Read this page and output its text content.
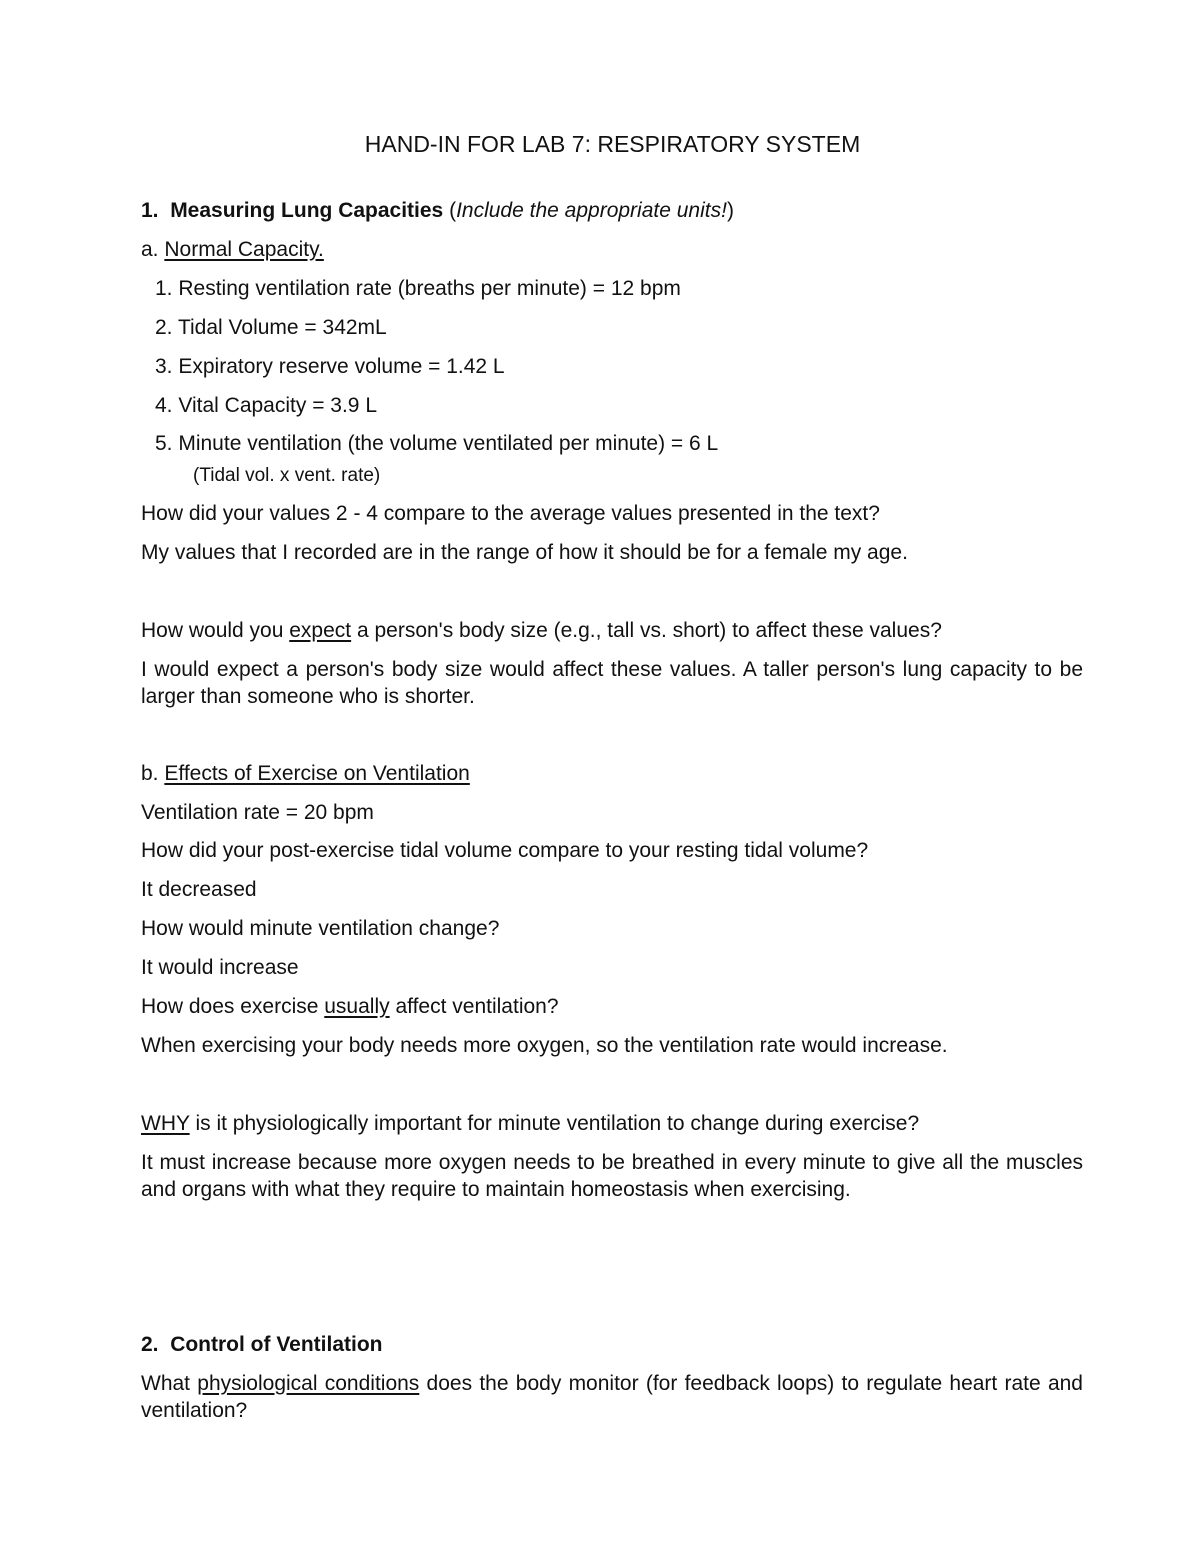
HAND-IN FOR LAB 7: RESPIRATORY SYSTEM

1. Measuring Lung Capacities (Include the appropriate units!)

a. Normal Capacity.

1. Resting ventilation rate (breaths per minute) = 12 bpm

2. Tidal Volume = 342mL

3. Expiratory reserve volume = 1.42 L

4. Vital Capacity = 3.9 L

5. Minute ventilation (the volume ventilated per minute) = 6 L

(Tidal vol. x vent. rate)

How did your values 2 - 4 compare to the average values presented in the text?

My values that I recorded are in the range of how it should be for a female my age.

How would you expect a person's body size (e.g., tall vs. short) to affect these values?

I would expect a person's body size would affect these values. A taller person's lung capacity to be larger than someone who is shorter.

b. Effects of Exercise on Ventilation

Ventilation rate = 20 bpm

How did your post-exercise tidal volume compare to your resting tidal volume?

It decreased

How would minute ventilation change?

It would increase

How does exercise usually affect ventilation?

When exercising your body needs more oxygen, so the ventilation rate would increase.

WHY is it physiologically important for minute ventilation to change during exercise?

It must increase because more oxygen needs to be breathed in every minute to give all the muscles and organs with what they require to maintain homeostasis when exercising.

2. Control of Ventilation

What physiological conditions does the body monitor (for feedback loops) to regulate heart rate and ventilation?
